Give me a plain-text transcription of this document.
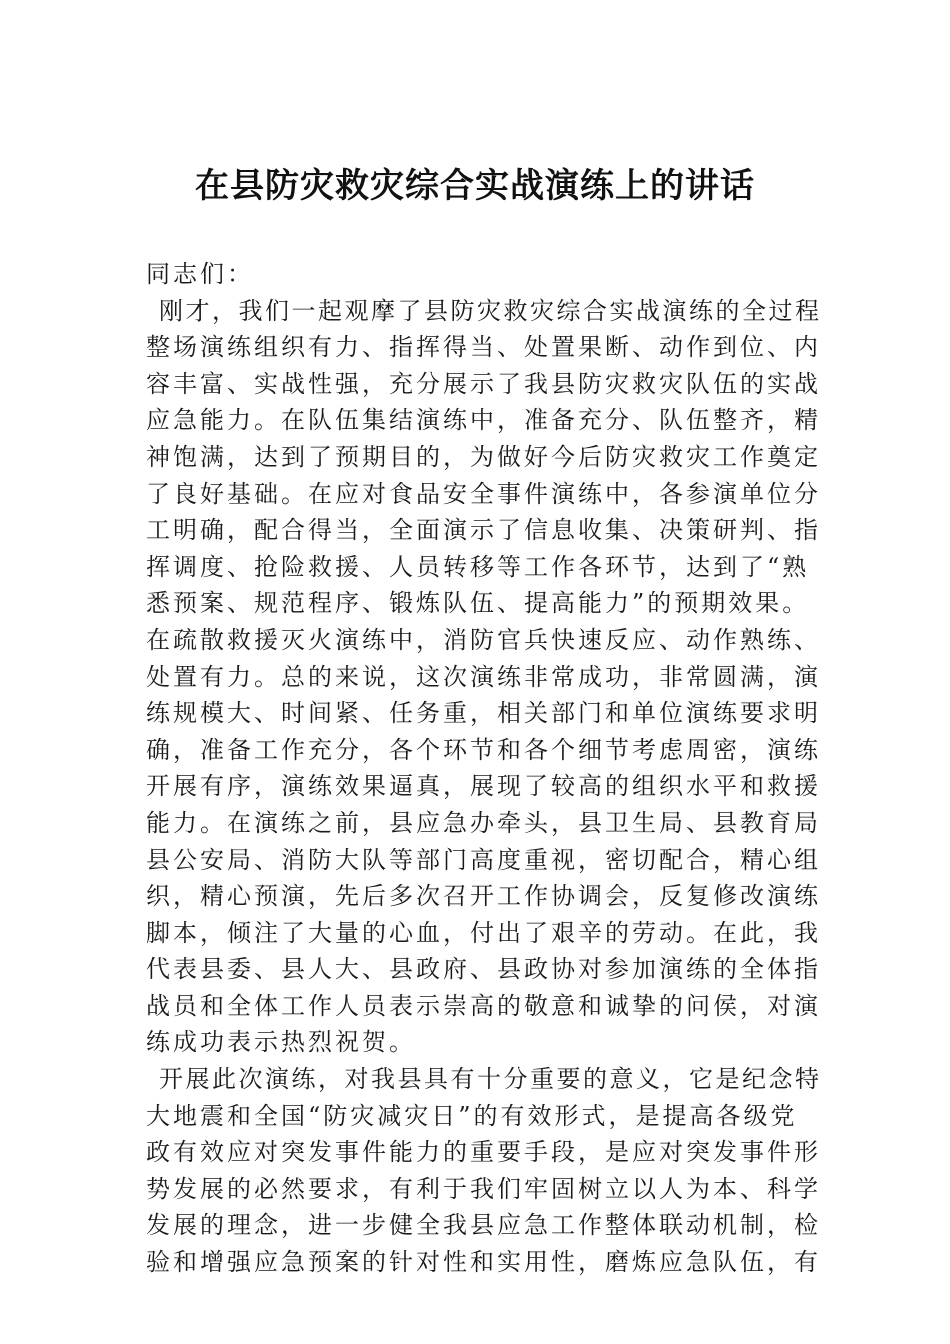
在县防灾救灾综合实战演练上的讲话
同志们：
刚才，我们一起观摩了县防灾救灾综合实战演练的全过程
整场演练组织有力、指挥得当、处置果断、动作到位、内
容丰富、实战性强，充分展示了我县防灾救灾队伍的实战
应急能力。在队伍集结演练中，准备充分、队伍整齐，精
神饱满，达到了预期目的，为做好今后防灾救灾工作奠定
了良好基础。在应对食品安全事件演练中，各参演单位分
工明确，配合得当，全面演示了信息收集、决策研判、指
挥调度、抢险救援、人员转移等工作各环节，达到了“熟
悉预案、规范程序、锻炼队伍、提高能力”的预期效果。
在疏散救援灭火演练中，消防官兵快速反应、动作熟练、
处置有力。总的来说，这次演练非常成功，非常圆满，演
练规模大、时间紧、任务重，相关部门和单位演练要求明
确，准备工作充分，各个环节和各个细节考虑周密，演练
开展有序，演练效果逼真，展现了较高的组织水平和救援
能力。在演练之前，县应急办牵头，县卫生局、县教育局
县公安局、消防大队等部门高度重视，密切配合，精心组
织，精心预演，先后多次召开工作协调会，反复修改演练
脚本，倾注了大量的心血，付出了艰辛的劳动。在此，我
代表县委、县人大、县政府、县政协对参加演练的全体指
战员和全体工作人员表示崇高的敬意和诚挚的问侯，对演
练成功表示热烈祝贺。
开展此次演练，对我县具有十分重要的意义，它是纪念特
大地震和全国“防灾减灾日”的有效形式，是提高各级党
政有效应对突发事件能力的重要手段，是应对突发事件形
势发展的必然要求，有利于我们牢固树立以人为本、科学
发展的理念，进一步健全我县应急工作整体联动机制，检
验和增强应急预案的针对性和实用性，磨炼应急队伍，有
